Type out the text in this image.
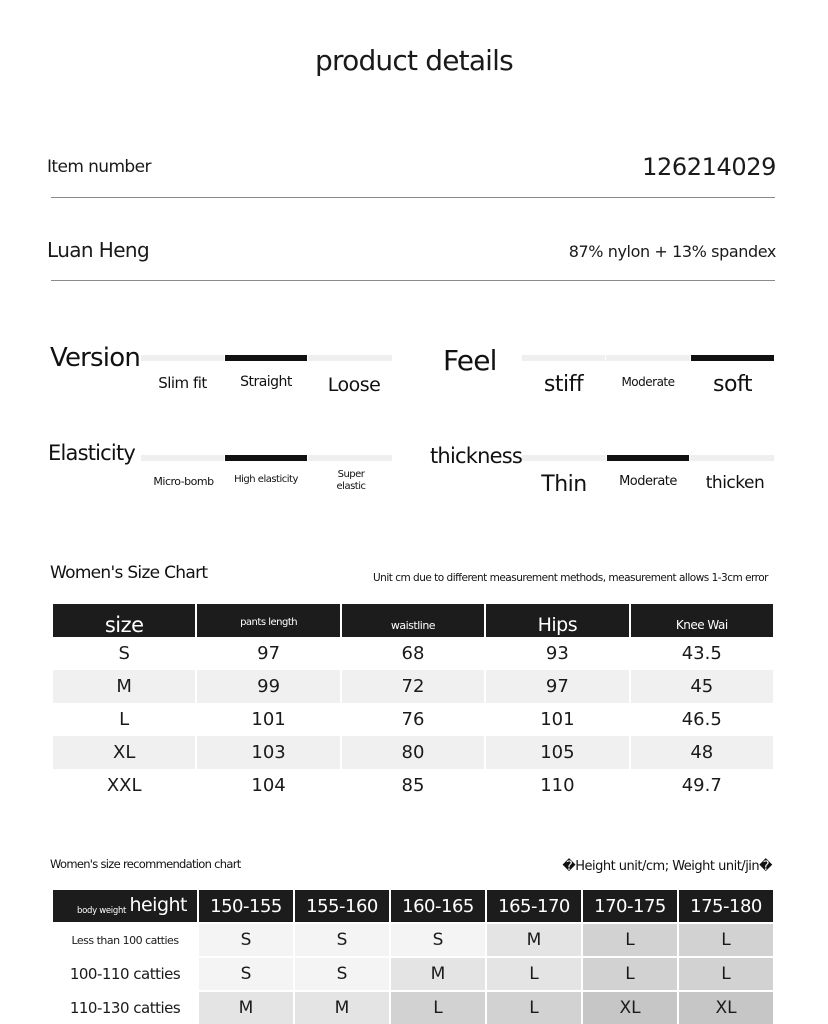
product details
Item number	126214029
Luan Heng	87% nylon + 13% spandex
Version
Slim fit	Straight	Loose
Feel
stiff	Moderate	soft
Elasticity
Micro-bomb	High elasticity	Super elastic
thickness
Thin	Moderate	thicken
Women's Size Chart	Unit cm due to different measurement methods, measurement allows 1-3cm error
size	pants length	waistline	Hips	Knee Wai
S	97	68	93	43.5
M	99	72	97	45
L	101	76	101	46.5
XL	103	80	105	48
XXL	104	85	110	49.7
Women's size recommendation chart	�Height unit/cm; Weight unit/jin�
body weight height	150-155	155-160	160-165	165-170	170-175	175-180
Less than 100 catties	S	S	S	M	L	L
100-110 catties	S	S	M	L	L	L
110-130 catties	M	M	L	L	XL	XL
